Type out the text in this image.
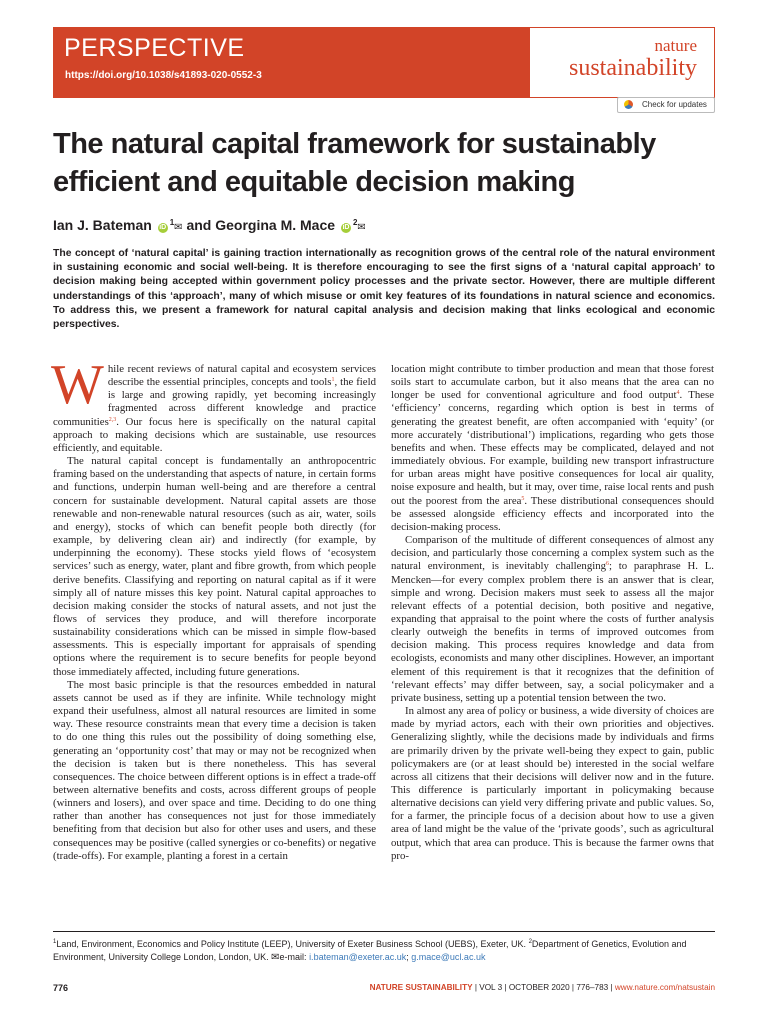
PERSPECTIVE
https://doi.org/10.1038/s41893-020-0552-3
nature
sustainability
Check for updates
The natural capital framework for sustainably efficient and equitable decision making
Ian J. Bateman $iD^1✉$ and Georgina M. Mace $iD^2✉$
The concept of ‘natural capital’ is gaining traction internationally as recognition grows of the central role of the natural environment in sustaining economic and social well-being. It is therefore encouraging to see the first signs of a ‘natural capital approach’ to decision making being accepted within government policy processes and the private sector. However, there are multiple different understandings of this ‘approach’, many of which misuse or omit key features of its foundations in natural science and economics. To address this, we present a framework for natural capital analysis and decision making that links ecological and economic perspectives.

While recent reviews of natural capital and ecosystem services describe the essential principles, concepts and tools$^1$, the field is large and growing rapidly, yet becoming increasingly fragmented across different knowledge and practice communities$^{2,3}$. Our focus here is specifically on the natural capital approach to making decisions which are sustainable, use resources efficiently, and equitable.

The natural capital concept is fundamentally an anthropocentric framing based on the understanding that aspects of nature, in certain forms and functions, underpin human well-being and are therefore a central concern for sustainable development. Natural capital assets are those renewable and non-renewable natural resources (such as air, water, soils and energy), stocks of which can benefit people both directly (for example, by delivering clean air) and indirectly (for example, by underpinning the economy). These stocks yield flows of ‘ecosystem services’ such as energy, water, plant and fibre growth, from which people derive benefits. Classifying and reporting on natural capital as if it were simply all of nature misses this key point. Natural capital approaches to decision making consider the stocks of natural assets, and not just the flows of services they produce, and will therefore incorporate sustainability considerations which can be missed in simple flow-based assessments. This is especially important for appraisals of spending options where the requirement is to secure benefits for people beyond those immediately affected, including future generations.

The most basic principle is that the resources embedded in natural assets cannot be used as if they are infinite. While technology might expand their usefulness, almost all natural resources are limited in some way. These resource constraints mean that every time a decision is taken to do one thing this rules out the possibility of doing something else, generating an ‘opportunity cost’ that may or may not be recognized when the decision is taken but is there nonetheless. This has several consequences. The choice between different options is in effect a trade-off between alternative benefits and costs, across different groups of people (winners and losers), and over space and time. Deciding to do one thing rather than another has consequences not just for those immediately benefiting from that decision but also for other uses and users, and these consequences may be positive (called synergies or co-benefits) or negative (trade-offs). For example, planting a forest in a certain

location might contribute to timber production and mean that those forest soils start to accumulate carbon, but it also means that the area can no longer be used for conventional agriculture and food output$^4$. These ‘efficiency’ concerns, regarding which option is best in terms of generating the greatest benefit, are often accompanied with ‘equity’ (or more accurately ‘distributional’) implications, regarding who gets those benefits and when. These effects may be complicated, delayed and not immediately obvious. For example, building new transport infrastructure for urban areas might have positive consequences for local air quality, noise exposure and health, but it may, over time, raise local rents and push out the poorest from the area$^5$. These distributional consequences should be assessed alongside efficiency effects and incorporated into the decision-making process.

Comparison of the multitude of different consequences of almost any decision, and particularly those concerning a complex system such as the natural environment, is inevitably challenging$^6$; to paraphrase H. L. Mencken—for every complex problem there is an answer that is clear, simple and wrong. Decision makers must seek to assess all the major relevant effects of a potential decision, both positive and negative, expanding that appraisal to the point where the costs of further analysis clearly outweigh the benefits in terms of improved outcomes from decision making. This process requires knowledge and data from ecologists, economists and many other disciplines. However, an important element of this requirement is that it recognizes that the definition of ‘relevant effects’ may differ between, say, a social policymaker and a private business, setting up a potential tension between the two.

In almost any area of policy or business, a wide diversity of choices are made by myriad actors, each with their own priorities and objectives. Generalizing slightly, while the decisions made by individuals and firms are primarily driven by the private well-being they expect to gain, public policymakers are (or at least should be) interested in the social welfare across all citizens that their decisions will deliver now and in the future. This difference is particularly important in policymaking because alternative decisions can yield very differing private and public values. So, for a farmer, the principle focus of a decision about how to use a given area of land might be the value of the ‘private goods’, such as agricultural output, which that area can produce. This is because the farmer owns that pro-

$^1$Land, Environment, Economics and Policy Institute (LEEP), University of Exeter Business School (UEBS), Exeter, UK. $^2$Department of Genetics, Evolution and Environment, University College London, London, UK. ✉e-mail: i.bateman@exeter.ac.uk; g.mace@ucl.ac.uk
776	NATURE SUSTAINABILITY | VOL 3 | OCTOBER 2020 | 776–783 | www.nature.com/natsustain
